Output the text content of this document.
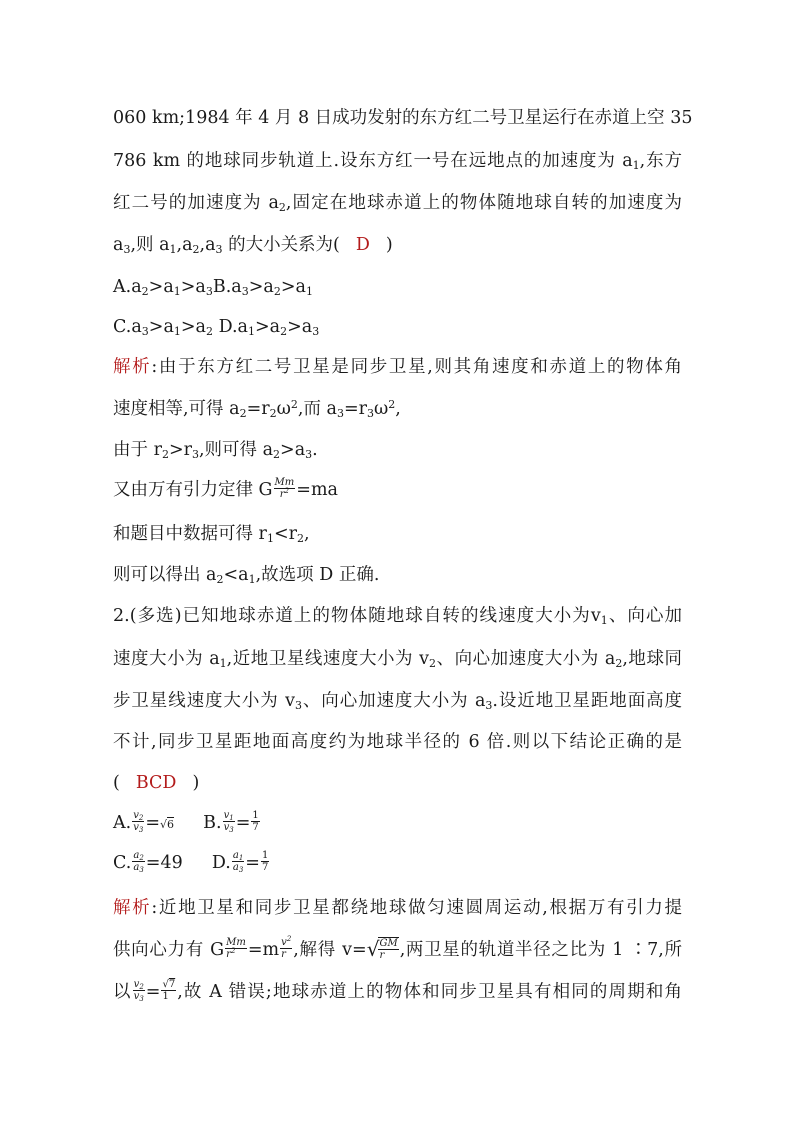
060 km;1984 年 4 月 8 日成功发射的东方红二号卫星运行在赤道上空 35
786 km 的地球同步轨道上.设东方红一号在远地点的加速度为 $a_1$,东方
红二号的加速度为 $a_2$,固定在地球赤道上的物体随地球自转的加速度为
$a_3$,则 $a_1,a_2,a_3$ 的大小关系为( D )
$A.a_2>a_1>a_3B.a_3>a_2>a_1$
$C.a_3>a_1>a_2$ $D.a_1>a_2>a_3$
解析:由于东方红二号卫星是同步卫星,则其角速度和赤道上的物体角
速度相等,可得 $a_2=r_2\omega^2$,而 $a_3=r_3\omega^2$,
由于 $r_2>r_3$,则可得 $a_2>a_3$.
又由万有引力定律 G $\frac{Mm}{r^2} =ma$
和题目中数据可得 $r_1<r_2$,
则可以得出 $a_2<a_1$,故选项 D 正确.
2.(多选)已知地球赤道上的物体随地球自转的线速度大小为$v_1$、向心加
速度大小为 $a_1$,近地卫星线速度大小为 $v_2$、向心加速度大小为 $a_2$,地球同
步卫星线速度大小为 $v_3$、向心加速度大小为 $a_3$.设近地卫星距地面高度
不计,同步卫星距地面高度约为地球半径的 6 倍.则以下结论正确的是
( BCD )
A. $\frac{v_2}{v_3} =√6$ B. $\frac{v_1}{v_3} = \frac{1}{7}$
C. $\frac{a_2}{a_3} =49$ D. $\frac{a_1}{a_3} = \frac{1}{7}$
解析:近地卫星和同步卫星都绕地球做匀速圆周运动,根据万有引力提
供向心力有 G $\frac{Mm}{r^2} =m \frac{v^2}{r}$ ,解得 $v=√ \frac{GM}{r}$ ,两卫星的轨道半径之比为 1 ∶7,所
以 $\frac{v_2}{v_3} = \frac{√7}{1}$ ,故 A 错误;地球赤道上的物体和同步卫星具有相同的周期和角
